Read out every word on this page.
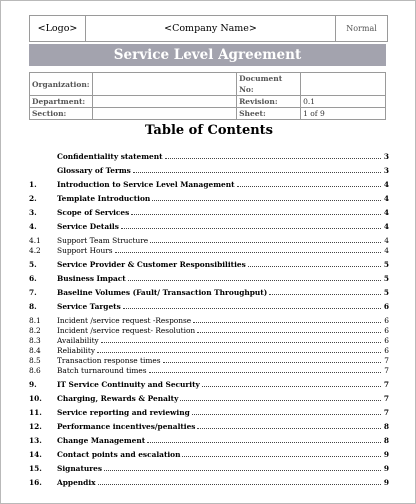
<Logo>	<Company Name>	Normal
Service Level Agreement
Organization:		Document No:	
Department:		Revision:	0.1
Section:		Sheet:	1 of 9
Table of Contents
Confidentiality statement	3
Glossary of Terms	3
1.	Introduction to Service Level Management	4
2.	Template Introduction	4
3.	Scope of Services	4
4.	Service Details	4
4.1	Support Team Structure	4
4.2	Support Hours	4
5.	Service Provider & Customer Responsibilities	5
6.	Business Impact	5
7.	Baseline Volumes (Fault/ Transaction Throughput)	5
8.	Service Targets	6
8.1	Incident /service request -Response	6
8.2	Incident /service request- Resolution	6
8.3	Availability	6
8.4	Reliability	6
8.5	Transaction response times	7
8.6	Batch turnaround times	7
9.	IT Service Continuity and Security	7
10.	Charging, Rewards & Penalty	7
11.	Service reporting and reviewing	7
12.	Performance incentives/penalties	8
13.	Change Management	8
14.	Contact points and escalation	9
15.	Signatures	9
16.	Appendix	9
